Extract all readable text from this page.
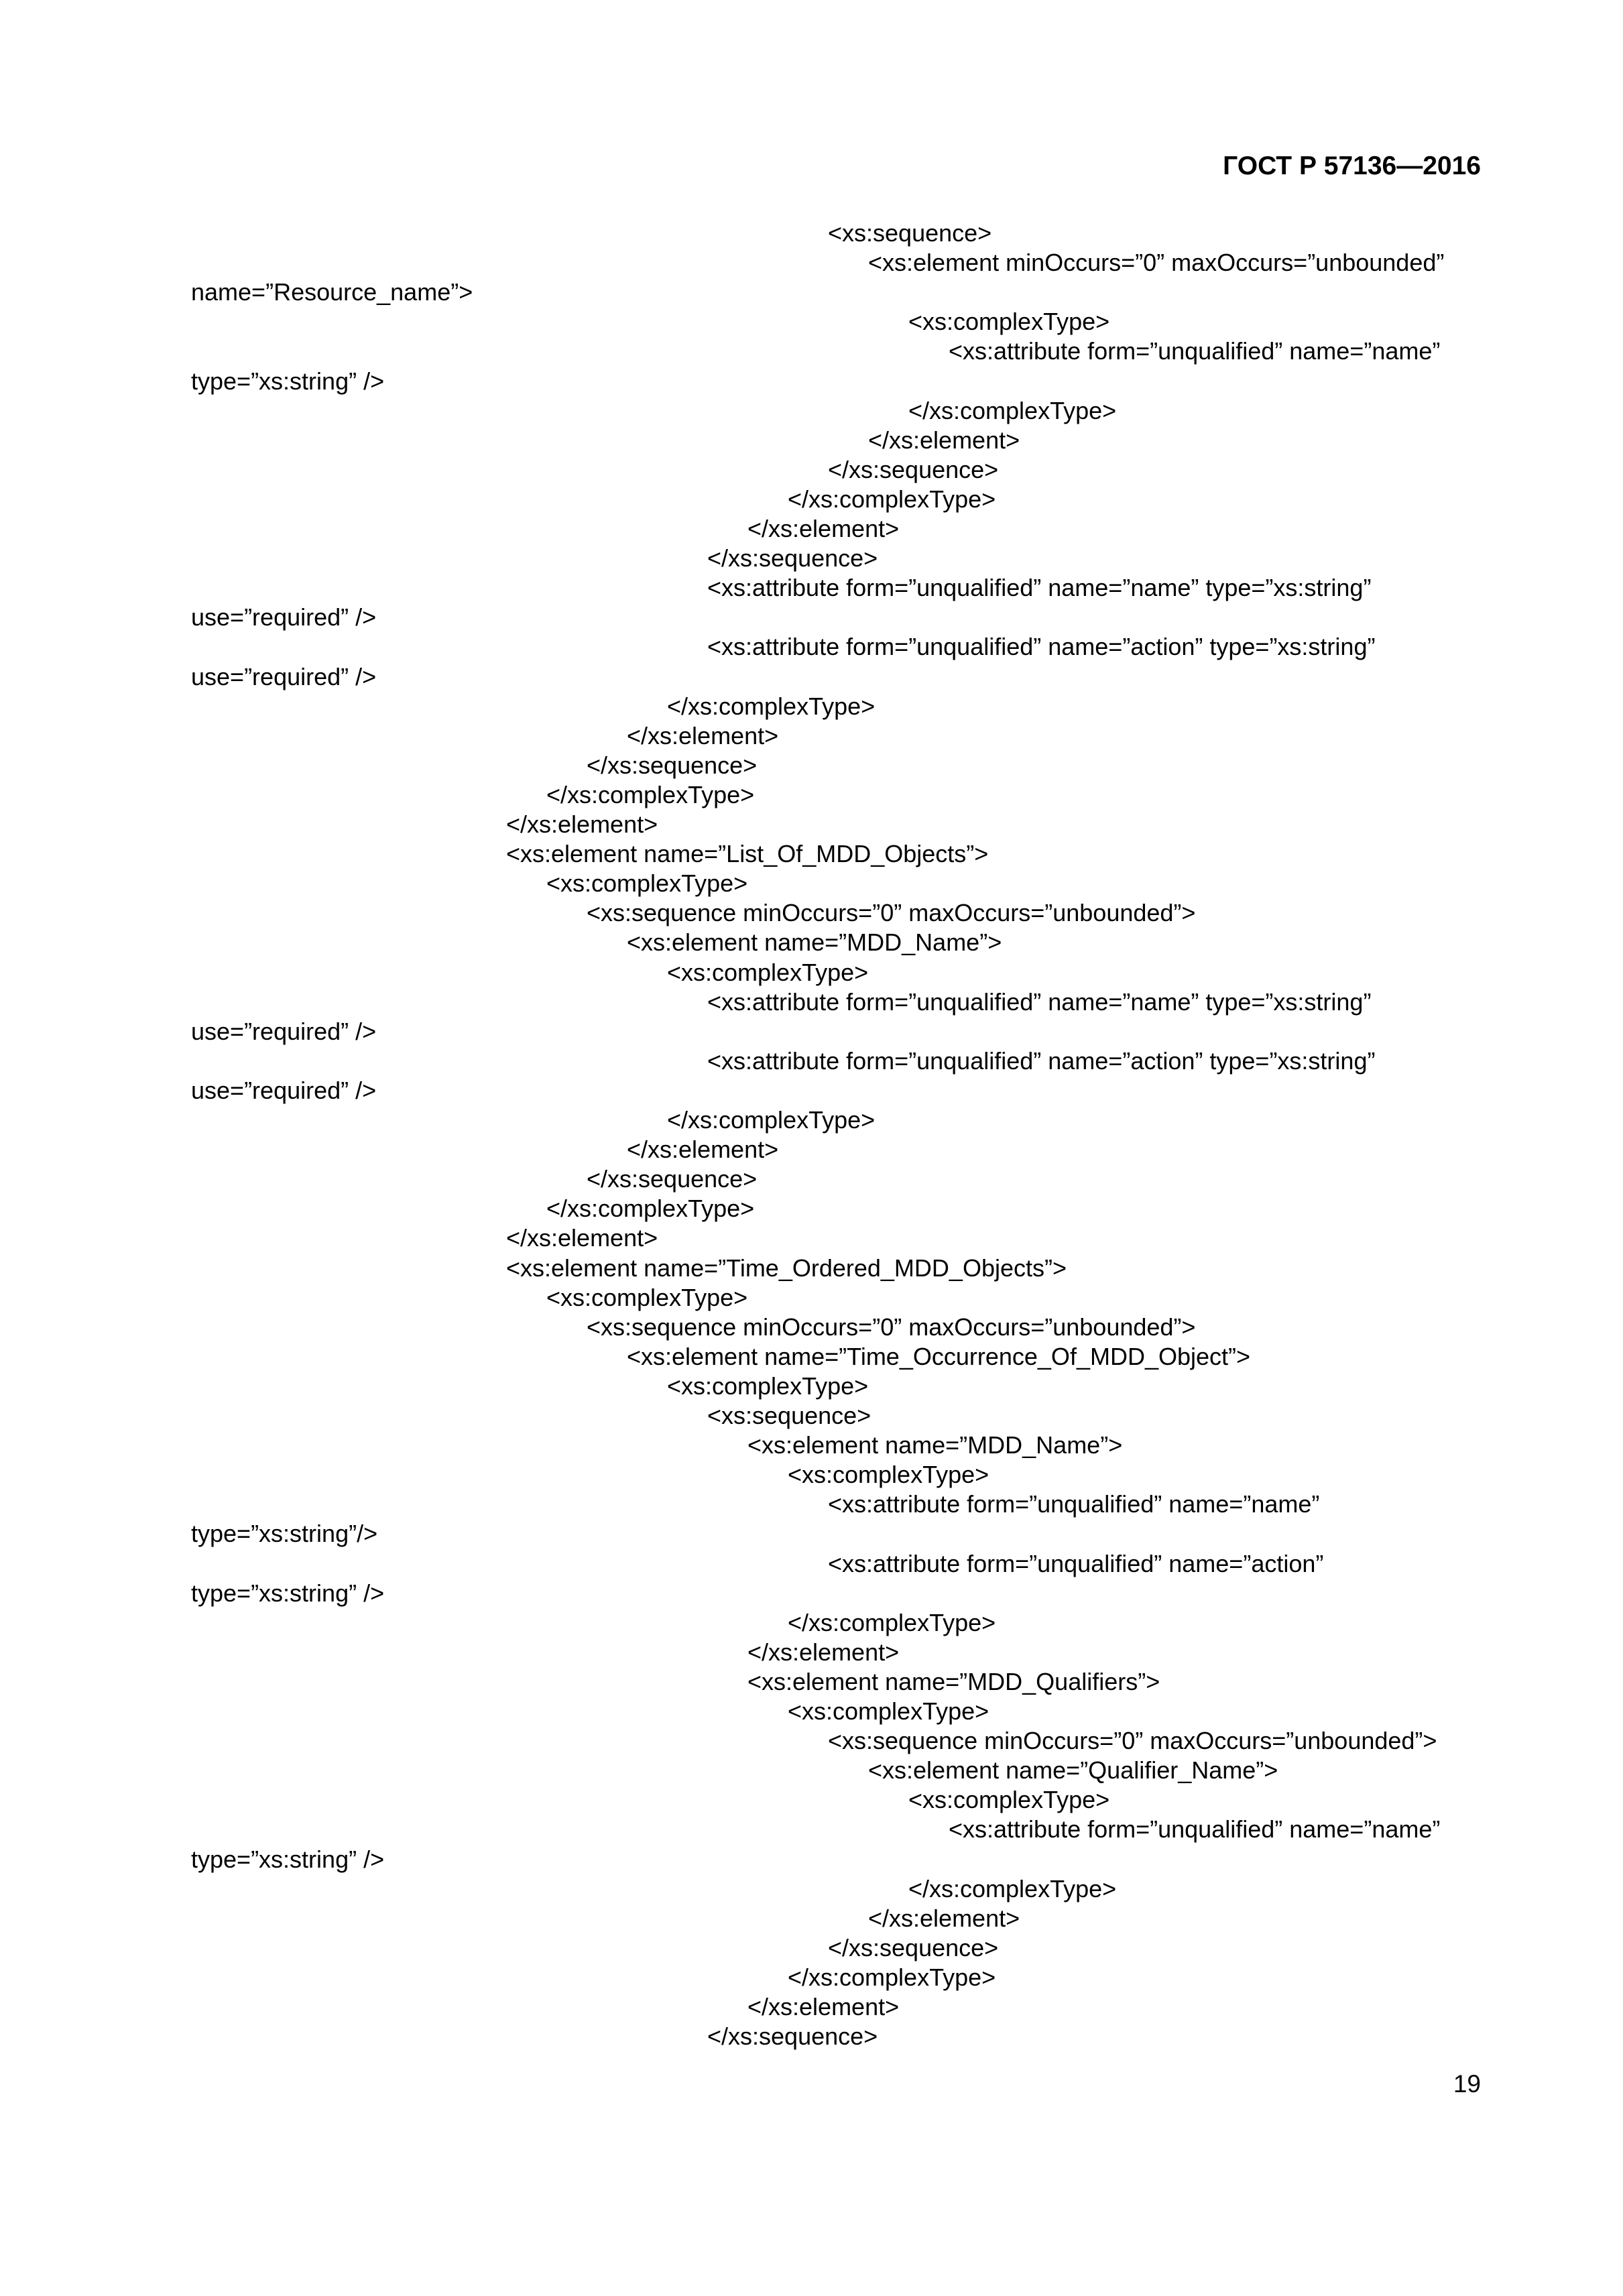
ГОСТ Р 57136—2016
<xs:sequence>
<xs:element minOccurs=”0” maxOccurs=”unbounded”
name=”Resource_name”>
<xs:complexType>
<xs:attribute form=”unqualified” name=”name”
type=”xs:string” />
</xs:complexType>
</xs:element>
</xs:sequence>
</xs:complexType>
</xs:element>
</xs:sequence>
<xs:attribute form=”unqualified” name=”name” type=”xs:string”
use=”required” />
<xs:attribute form=”unqualified” name=”action” type=”xs:string”
use=”required” />
</xs:complexType>
</xs:element>
</xs:sequence>
</xs:complexType>
</xs:element>
<xs:element name=”List_Of_MDD_Objects”>
<xs:complexType>
<xs:sequence minOccurs=”0” maxOccurs=”unbounded”>
<xs:element name=”MDD_Name”>
<xs:complexType>
<xs:attribute form=”unqualified” name=”name” type=”xs:string”
use=”required” />
<xs:attribute form=”unqualified” name=”action” type=”xs:string”
use=”required” />
</xs:complexType>
</xs:element>
</xs:sequence>
</xs:complexType>
</xs:element>
<xs:element name=”Time_Ordered_MDD_Objects”>
<xs:complexType>
<xs:sequence minOccurs=”0” maxOccurs=”unbounded”>
<xs:element name=”Time_Occurrence_Of_MDD_Object”>
<xs:complexType>
<xs:sequence>
<xs:element name=”MDD_Name”>
<xs:complexType>
<xs:attribute form=”unqualified” name=”name”
type=”xs:string”/>
<xs:attribute form=”unqualified” name=”action”
type=”xs:string” />
</xs:complexType>
</xs:element>
<xs:element name=”MDD_Qualifiers”>
<xs:complexType>
<xs:sequence minOccurs=”0” maxOccurs=”unbounded”>
<xs:element name=”Qualifier_Name”>
<xs:complexType>
<xs:attribute form=”unqualified” name=”name”
type=”xs:string” />
</xs:complexType>
</xs:element>
</xs:sequence>
</xs:complexType>
</xs:element>
</xs:sequence>
19
